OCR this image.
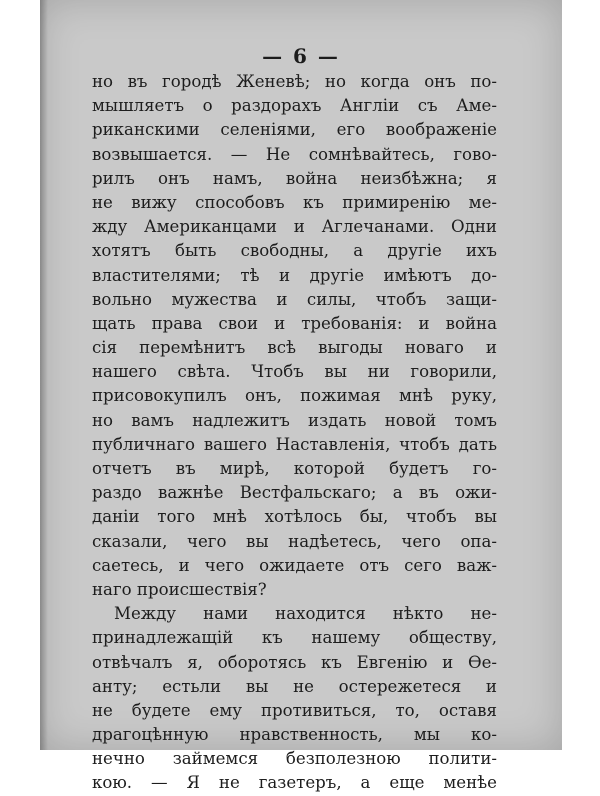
— 6 —
но въ городѣ Женевѣ; но когда онъ по-
мышляетъ о раздорахъ Англіи съ Аме-
риканскими селеніями, его воображеніе
возвышается. — Не сомнѣвайтесь, гово-
рилъ онъ намъ, война неизбѣжна; я
не вижу способовъ къ примиренію ме-
жду Американцами и Аглечанами. Одни
хотятъ быть свободны, а другіе ихъ
властителями; тѣ и другіе имѣютъ до-
вольно мужества и силы, чтобъ защи-
щать права свои и требованія: и война
сія перемѣнитъ всѣ выгоды новаго и
нашего свѣта. Чтобъ вы ни говорили,
присовокупилъ онъ, пожимая мнѣ руку,
но вамъ надлежитъ издать новой томъ
публичнаго вашего Наставленія, чтобъ дать
отчетъ въ мирѣ, которой будетъ го-
раздо важнѣе Вестфальскаго; а въ ожи-
даніи того мнѣ хотѣлось бы, чтобъ вы
сказали, чего вы надѣетесь, чего опа-
саетесь, и чего ожидаете отъ сего важ-
наго происшествія?
Между нами находится нѣкто не-
принадлежащій къ нашему обществу,
отвѣчалъ я, оборотясь къ Евгенію и Ѳе-
анту; естьли вы не остережетеся и
не будете ему противиться, то, оставя
драгоцѣнную нравственность, мы ко-
нечно займемся безполезною полити-
кою. — Я не газетеръ, а еще менѣе
